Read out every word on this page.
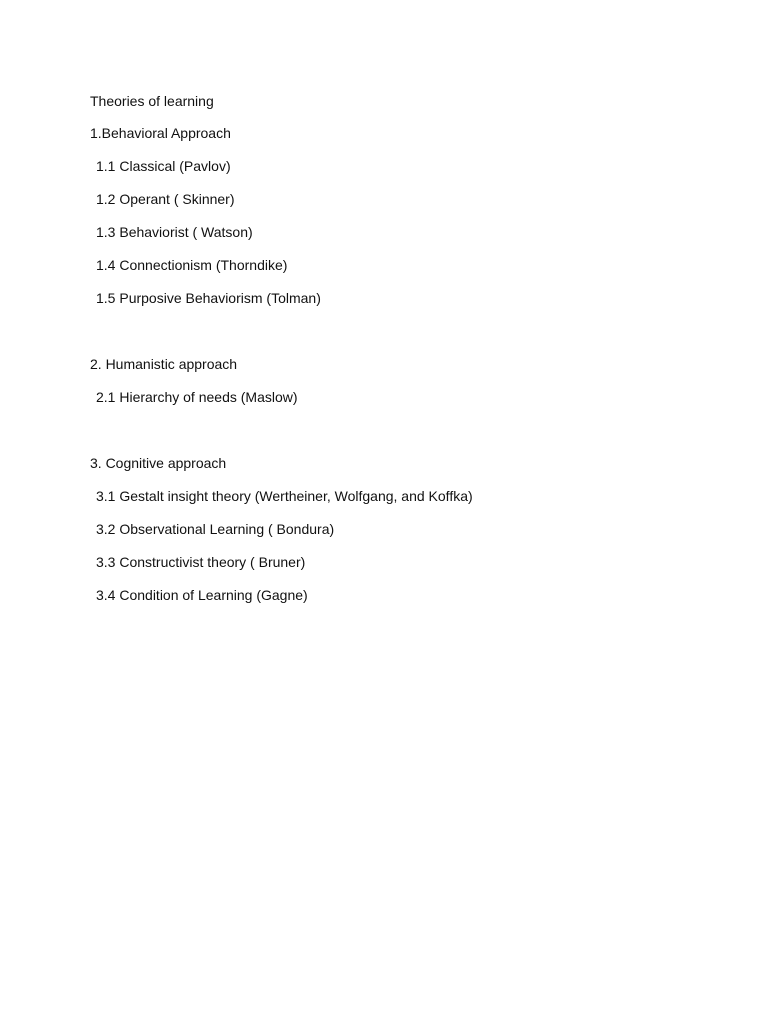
Theories of learning
1.Behavioral Approach
1.1 Classical (Pavlov)
1.2 Operant ( Skinner)
1.3 Behaviorist ( Watson)
1.4 Connectionism (Thorndike)
1.5 Purposive Behaviorism (Tolman)
2. Humanistic approach
2.1 Hierarchy of needs (Maslow)
3. Cognitive approach
3.1 Gestalt insight theory (Wertheiner, Wolfgang, and Koffka)
3.2 Observational Learning ( Bondura)
3.3 Constructivist theory ( Bruner)
3.4 Condition of Learning (Gagne)
